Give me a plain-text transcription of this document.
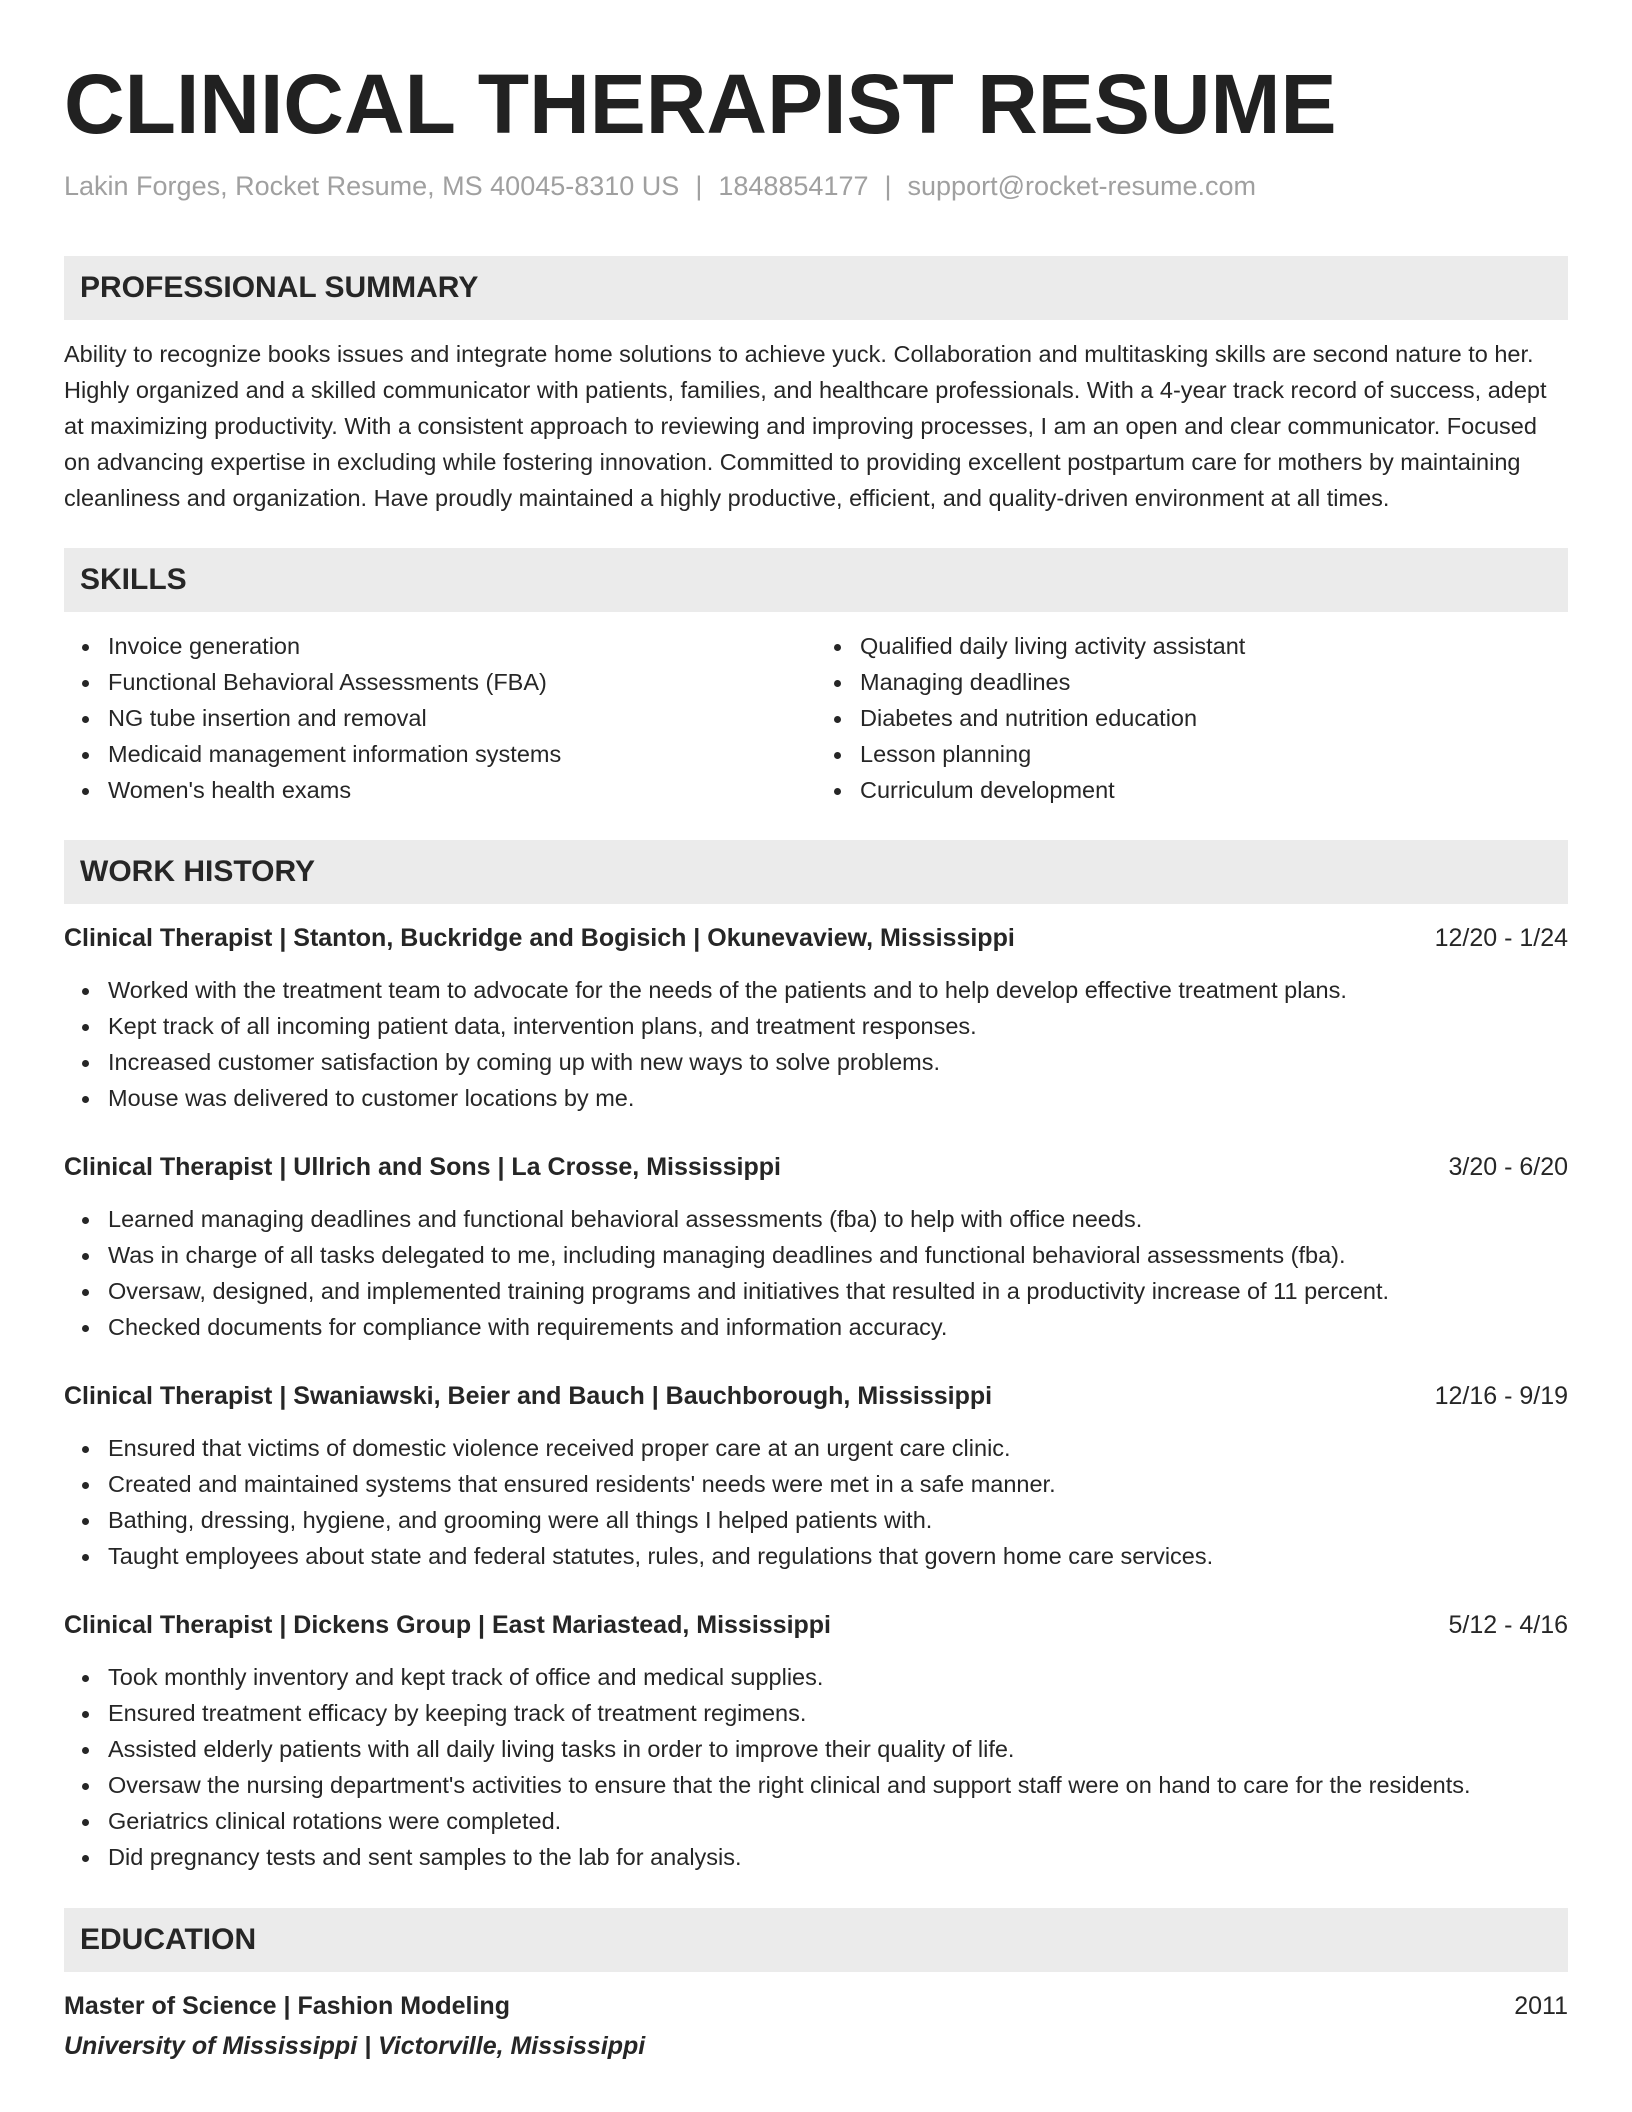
CLINICAL THERAPIST RESUME
Lakin Forges, Rocket Resume, MS 40045-8310 US | 1848854177 | support@rocket-resume.com
PROFESSIONAL SUMMARY

Ability to recognize books issues and integrate home solutions to achieve yuck. Collaboration and multitasking skills are second nature to her. Highly organized and a skilled communicator with patients, families, and healthcare professionals. With a 4-year track record of success, adept at maximizing productivity. With a consistent approach to reviewing and improving processes, I am an open and clear communicator. Focused on advancing expertise in excluding while fostering innovation. Committed to providing excellent postpartum care for mothers by maintaining cleanliness and organization. Have proudly maintained a highly productive, efficient, and quality-driven environment at all times.

SKILLS
Invoice generation
Functional Behavioral Assessments (FBA)
NG tube insertion and removal
Medicaid management information systems
Women's health exams
Qualified daily living activity assistant
Managing deadlines
Diabetes and nutrition education
Lesson planning
Curriculum development
WORK HISTORY
Clinical Therapist | Stanton, Buckridge and Bogisich | Okunevaview, Mississippi	12/20 - 1/24
Worked with the treatment team to advocate for the needs of the patients and to help develop effective treatment plans.
Kept track of all incoming patient data, intervention plans, and treatment responses.
Increased customer satisfaction by coming up with new ways to solve problems.
Mouse was delivered to customer locations by me.
Clinical Therapist | Ullrich and Sons | La Crosse, Mississippi	3/20 - 6/20
Learned managing deadlines and functional behavioral assessments (fba) to help with office needs.
Was in charge of all tasks delegated to me, including managing deadlines and functional behavioral assessments (fba).
Oversaw, designed, and implemented training programs and initiatives that resulted in a productivity increase of 11 percent.
Checked documents for compliance with requirements and information accuracy.
Clinical Therapist | Swaniawski, Beier and Bauch | Bauchborough, Mississippi	12/16 - 9/19
Ensured that victims of domestic violence received proper care at an urgent care clinic.
Created and maintained systems that ensured residents' needs were met in a safe manner.
Bathing, dressing, hygiene, and grooming were all things I helped patients with.
Taught employees about state and federal statutes, rules, and regulations that govern home care services.
Clinical Therapist | Dickens Group | East Mariastead, Mississippi	5/12 - 4/16
Took monthly inventory and kept track of office and medical supplies.
Ensured treatment efficacy by keeping track of treatment regimens.
Assisted elderly patients with all daily living tasks in order to improve their quality of life.
Oversaw the nursing department's activities to ensure that the right clinical and support staff were on hand to care for the residents.
Geriatrics clinical rotations were completed.
Did pregnancy tests and sent samples to the lab for analysis.
EDUCATION
Master of Science | Fashion Modeling	2011
University of Mississippi | Victorville, Mississippi
